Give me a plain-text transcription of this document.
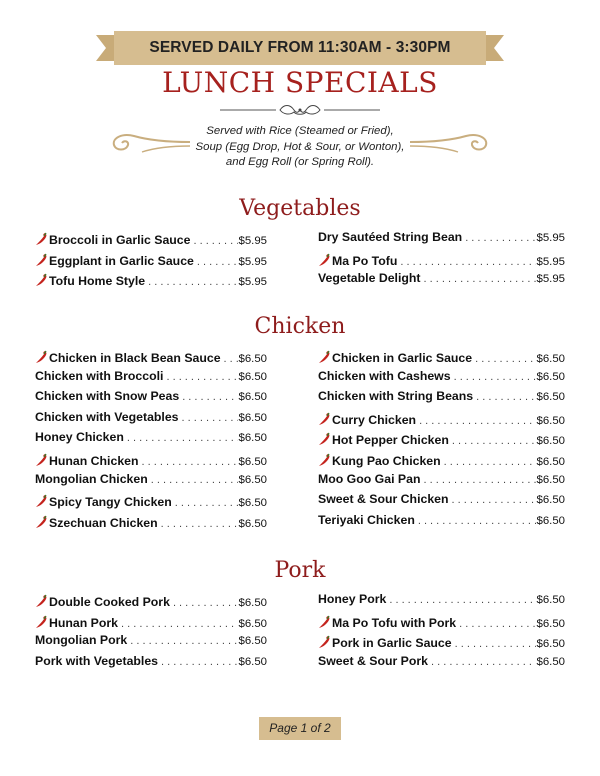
SERVED DAILY FROM 11:30AM - 3:30PM
LUNCH SPECIALS
Served with Rice (Steamed or Fried),
Soup (Egg Drop, Hot & Sour, or Wonton),
and Egg Roll (or Spring Roll).
Vegetables
Broccoli in Garlic Sauce . . .	$5.95
Eggplant in Garlic Sauce . . .	$5.95
Tofu Home Style . . .	$5.95
Dry Sautéed String Bean . . .	$5.95
Ma Po Tofu . . .	$5.95
Vegetable Delight . . .	$5.95
Chicken
Chicken in Black Bean Sauce . . . $6.50
Chicken with Broccoli . . .	$6.50
Chicken with Snow Peas . . .	$6.50
Chicken with Vegetables . . .	$6.50
Honey Chicken . . .	$6.50
Hunan Chicken . . .	$6.50
Mongolian Chicken . . .	$6.50
Spicy Tangy Chicken . . .	$6.50
Szechuan Chicken . . .	$6.50
Chicken in Garlic Sauce . . .	$6.50
Chicken with Cashews . . .	$6.50
Chicken with String Beans . . .	$6.50
Curry Chicken . . .	$6.50
Hot Pepper Chicken . . .	$6.50
Kung Pao Chicken . . .	$6.50
Moo Goo Gai Pan . . .	$6.50
Sweet & Sour Chicken . . .	$6.50
Teriyaki Chicken . . .	$6.50
Pork
Double Cooked Pork . . .	$6.50
Hunan Pork . . .	$6.50
Mongolian Pork . . .	$6.50
Pork with Vegetables . . .	$6.50
Honey Pork . . .	$6.50
Ma Po Tofu with Pork . . .	$6.50
Pork in Garlic Sauce . . .	$6.50
Sweet & Sour Pork . . .	$6.50
Page 1 of 2
